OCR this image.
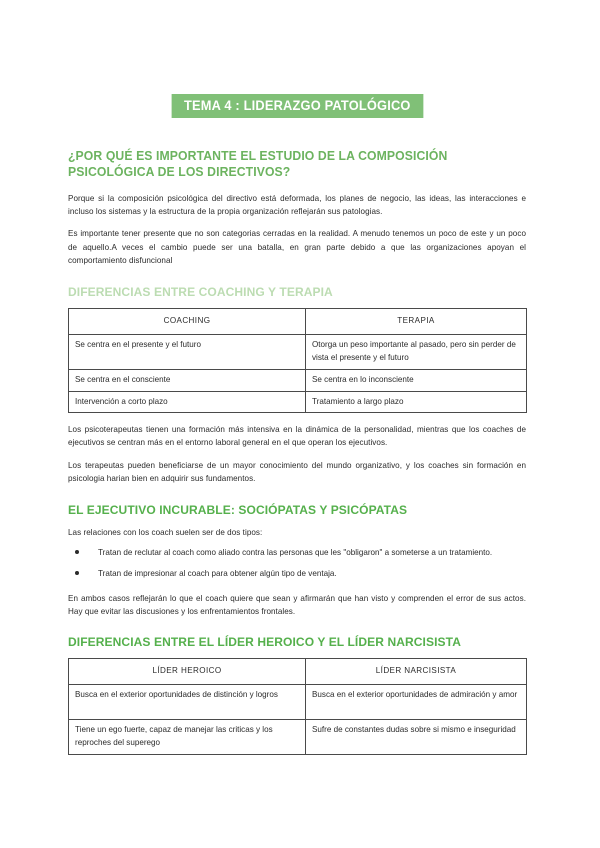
TEMA 4 : LIDERAZGO PATOLÓGICO
¿POR QUÉ ES IMPORTANTE EL ESTUDIO DE LA COMPOSICIÓN PSICOLÓGICA DE LOS DIRECTIVOS?

Porque si la composición psicológica del directivo está deformada, los planes de negocio, las ideas, las interacciones e incluso los sistemas y la estructura de la propia organización reflejarán sus patologias.

Es importante tener presente que no son categorias cerradas en la realidad. A menudo tenemos un poco de este y un poco de aquello.A veces el cambio puede ser una batalla, en gran parte debido a que las organizaciones apoyan el comportamiento disfuncional

DIFERENCIAS ENTRE COACHING Y TERAPIA
COACHING	TERAPIA
Se centra en el presente y el futuro	Otorga un peso importante al pasado, pero sin perder de vista el presente y el futuro
Se centra en el consciente	Se centra en lo inconsciente
Intervención a corto plazo	Tratamiento a largo plazo

Los psicoterapeutas tienen una formación más intensiva en la dinámica de la personalidad, mientras que los coaches de ejecutivos se centran más en el entorno laboral general en el que operan los ejecutivos.

Los terapeutas pueden beneficiarse de un mayor conocimiento del mundo organizativo, y los coaches sin formación en psicologia harian bien en adquirir sus fundamentos.

EL EJECUTIVO INCURABLE: SOCIÓPATAS Y PSICÓPATAS

Las relaciones con los coach suelen ser de dos tipos:

Tratan de reclutar al coach como aliado contra las personas que les "obligaron" a someterse a un tratamiento.
Tratan de impresionar al coach para obtener algún tipo de ventaja.

En ambos casos reflejarán lo que el coach quiere que sean y afirmarán que han visto y comprenden el error de sus actos. Hay que evitar las discusiones y los enfrentamientos frontales.

DIFERENCIAS ENTRE EL LÍDER HEROICO Y EL LÍDER NARCISISTA
LÍDER HEROICO	LÍDER NARCISISTA
Busca en el exterior oportunidades de distinción y logros	Busca en el exterior oportunidades de admiración y amor
Tiene un ego fuerte, capaz de manejar las criticas y los reproches del superego	Sufre de constantes dudas sobre si mismo e inseguridad
